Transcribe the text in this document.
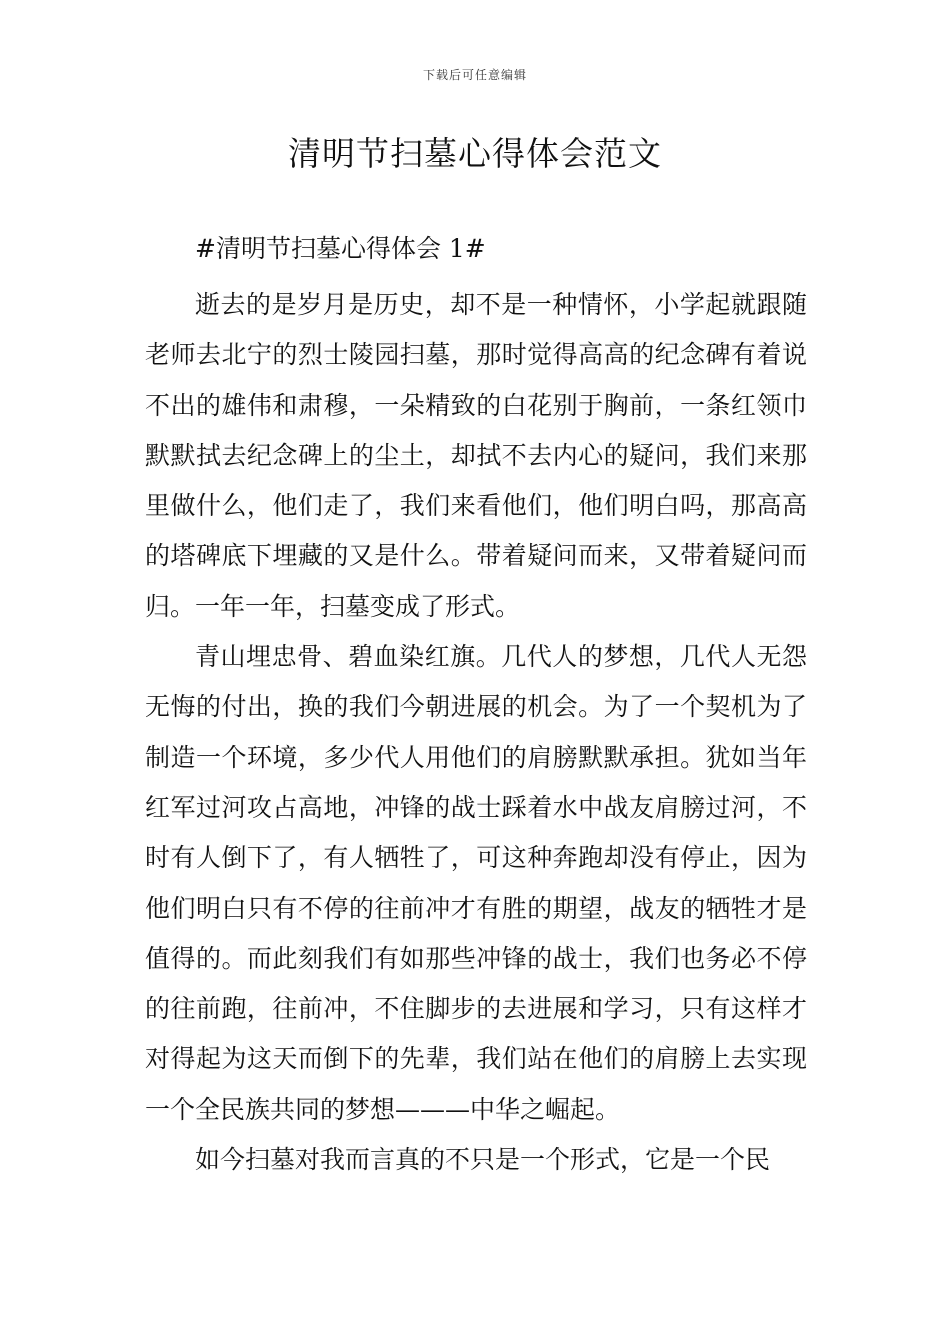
下载后可任意编辑
清明节扫墓心得体会范文

#清明节扫墓心得体会 1#

逝去的是岁月是历史，却不是一种情怀，小学起就跟随老师去北宁的烈士陵园扫墓，那时觉得高高的纪念碑有着说不出的雄伟和肃穆，一朵精致的白花别于胸前，一条红领巾默默拭去纪念碑上的尘土，却拭不去内心的疑问，我们来那里做什么，他们走了，我们来看他们，他们明白吗，那高高的塔碑底下埋藏的又是什么。带着疑问而来，又带着疑问而归。一年一年，扫墓变成了形式。

青山埋忠骨、碧血染红旗。几代人的梦想，几代人无怨无悔的付出，换的我们今朝进展的机会。为了一个契机为了制造一个环境，多少代人用他们的肩膀默默承担。犹如当年红军过河攻占高地，冲锋的战士踩着水中战友肩膀过河，不时有人倒下了，有人牺牲了，可这种奔跑却没有停止，因为他们明白只有不停的往前冲才有胜的期望，战友的牺牲才是值得的。而此刻我们有如那些冲锋的战士，我们也务必不停的往前跑，往前冲，不住脚步的去进展和学习，只有这样才对得起为这天而倒下的先辈，我们站在他们的肩膀上去实现一个全民族共同的梦想———中华之崛起。

如今扫墓对我而言真的不只是一个形式，它是一个民
